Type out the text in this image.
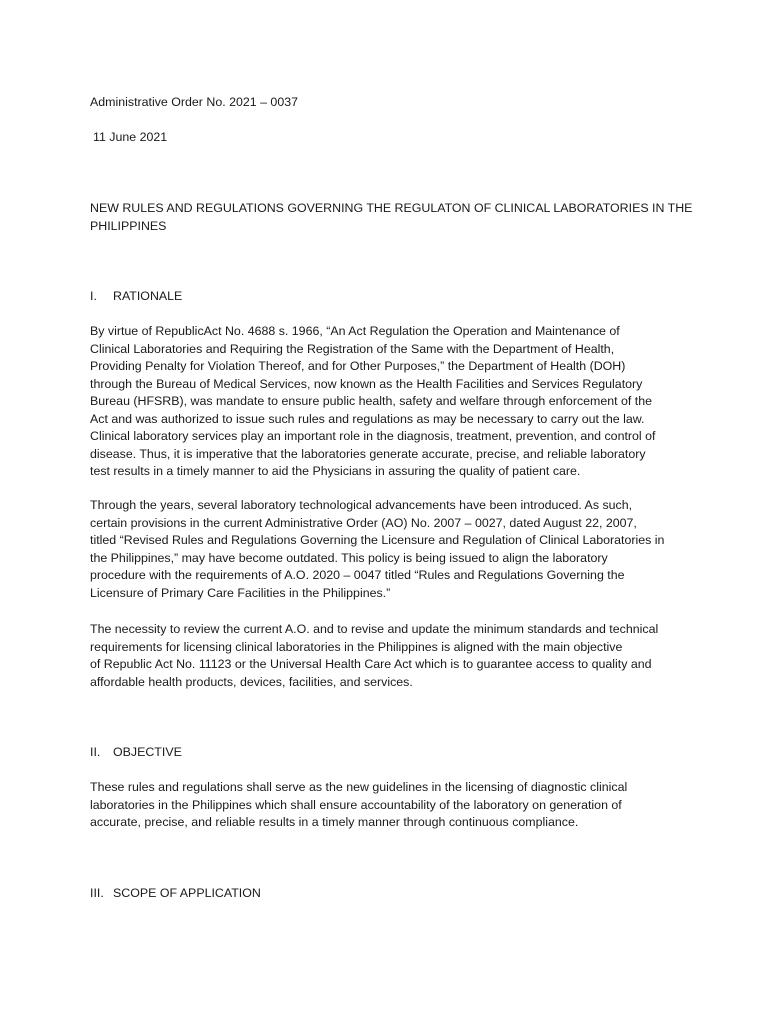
Administrative Order No. 2021 – 0037

11 June 2021

NEW RULES AND REGULATIONS GOVERNING THE REGULATON OF CLINICAL LABORATORIES IN THE
PHILIPPINES

I. RATIONALE

By virtue of RepublicAct No. 4688 s. 1966, “An Act Regulation the Operation and Maintenance of
Clinical Laboratories and Requiring the Registration of the Same with the Department of Health,
Providing Penalty for Violation Thereof, and for Other Purposes,” the Department of Health (DOH)
through the Bureau of Medical Services, now known as the Health Facilities and Services Regulatory
Bureau (HFSRB), was mandate to ensure public health, safety and welfare through enforcement of the
Act and was authorized to issue such rules and regulations as may be necessary to carry out the law.
Clinical laboratory services play an important role in the diagnosis, treatment, prevention, and control of
disease. Thus, it is imperative that the laboratories generate accurate, precise, and reliable laboratory
test results in a timely manner to aid the Physicians in assuring the quality of patient care.
Through the years, several laboratory technological advancements have been introduced. As such,
certain provisions in the current Administrative Order (AO) No. 2007 – 0027, dated August 22, 2007,
titled “Revised Rules and Regulations Governing the Licensure and Regulation of Clinical Laboratories in
the Philippines,” may have become outdated. This policy is being issued to align the laboratory
procedure with the requirements of A.O. 2020 – 0047 titled “Rules and Regulations Governing the
Licensure of Primary Care Facilities in the Philippines.”
The necessity to review the current A.O. and to revise and update the minimum standards and technical
requirements for licensing clinical laboratories in the Philippines is aligned with the main objective
of Republic Act No. 11123 or the Universal Health Care Act which is to guarantee access to quality and
affordable health products, devices, facilities, and services.

II. OBJECTIVE

These rules and regulations shall serve as the new guidelines in the licensing of diagnostic clinical
laboratories in the Philippines which shall ensure accountability of the laboratory on generation of
accurate, precise, and reliable results in a timely manner through continuous compliance.

III. SCOPE OF APPLICATION
